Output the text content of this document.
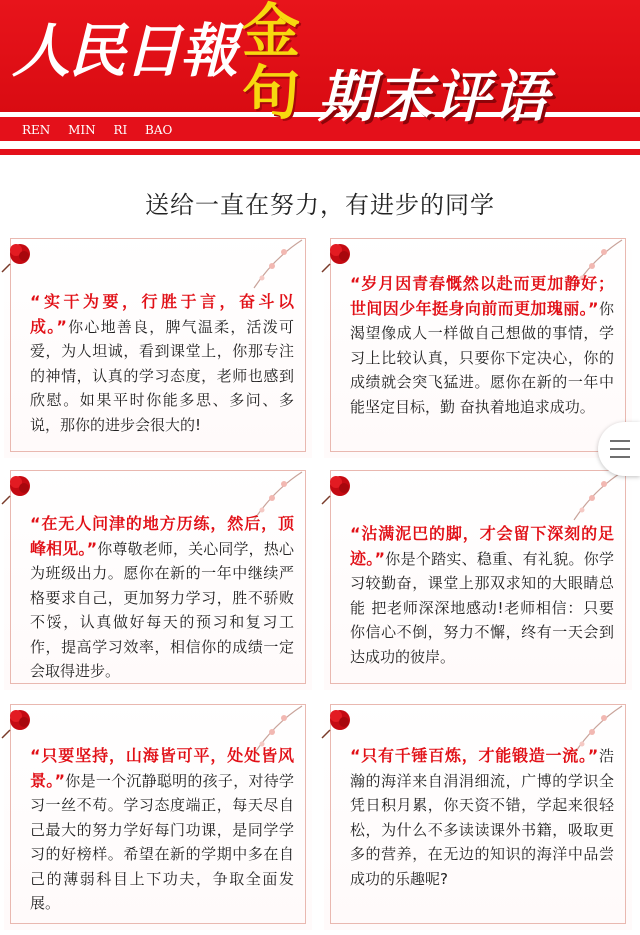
人民日報
REN MIN RI BAO
金
句 期末评语
送给一直在努力，有进步的同学
“实干为要，行胜于言，奋斗以成。”你心地善良，脾气温柔，活泼可爱，为人坦诚，看到课堂上，你那专注的神情，认真的学习态度，老师也感到欣慰。如果平时你能多思、多问、多说，那你的进步会很大的!
“岁月因青春慨然以赴而更加静好；世间因少年挺身向前而更加瑰丽。”你渴望像成人一样做自己想做的事情，学习上比较认真，只要你下定决心，你的成绩就会突飞猛进。愿你在新的一年中能坚定目标，勤 奋执着地追求成功。
“在无人问津的地方历练，然后，顶峰相见。”你尊敬老师，关心同学，热心为班级出力。愿你在新的一年中继续严格要求自己，更加努力学习，胜不骄败不馁，认真做好每天的预习和复习工作，提高学习效率，相信你的成绩一定会取得进步。
“沾满泥巴的脚，才会留下深刻的足迹。”你是个踏实、稳重、有礼貌。你学习较勤奋，课堂上那双求知的大眼睛总能 把老师深深地感动!老师相信：只要你信心不倒，努力不懈，终有一天会到达成功的彼岸。
“只要坚持，山海皆可平，处处皆风景。”你是一个沉静聪明的孩子，对待学习一丝不苟。学习态度端正，每天尽自己最大的努力学好每门功课，是同学学习的好榜样。希望在新的学期中多在自己的薄弱科目上下功夫，争取全面发展。
“只有千锤百炼，才能锻造一流。”浩瀚的海洋来自涓涓细流，广博的学识全凭日积月累，你天资不错，学起来很轻松，为什么不多读读课外书籍，吸取更多的营养，在无边的知识的海洋中品尝成功的乐趣呢?
